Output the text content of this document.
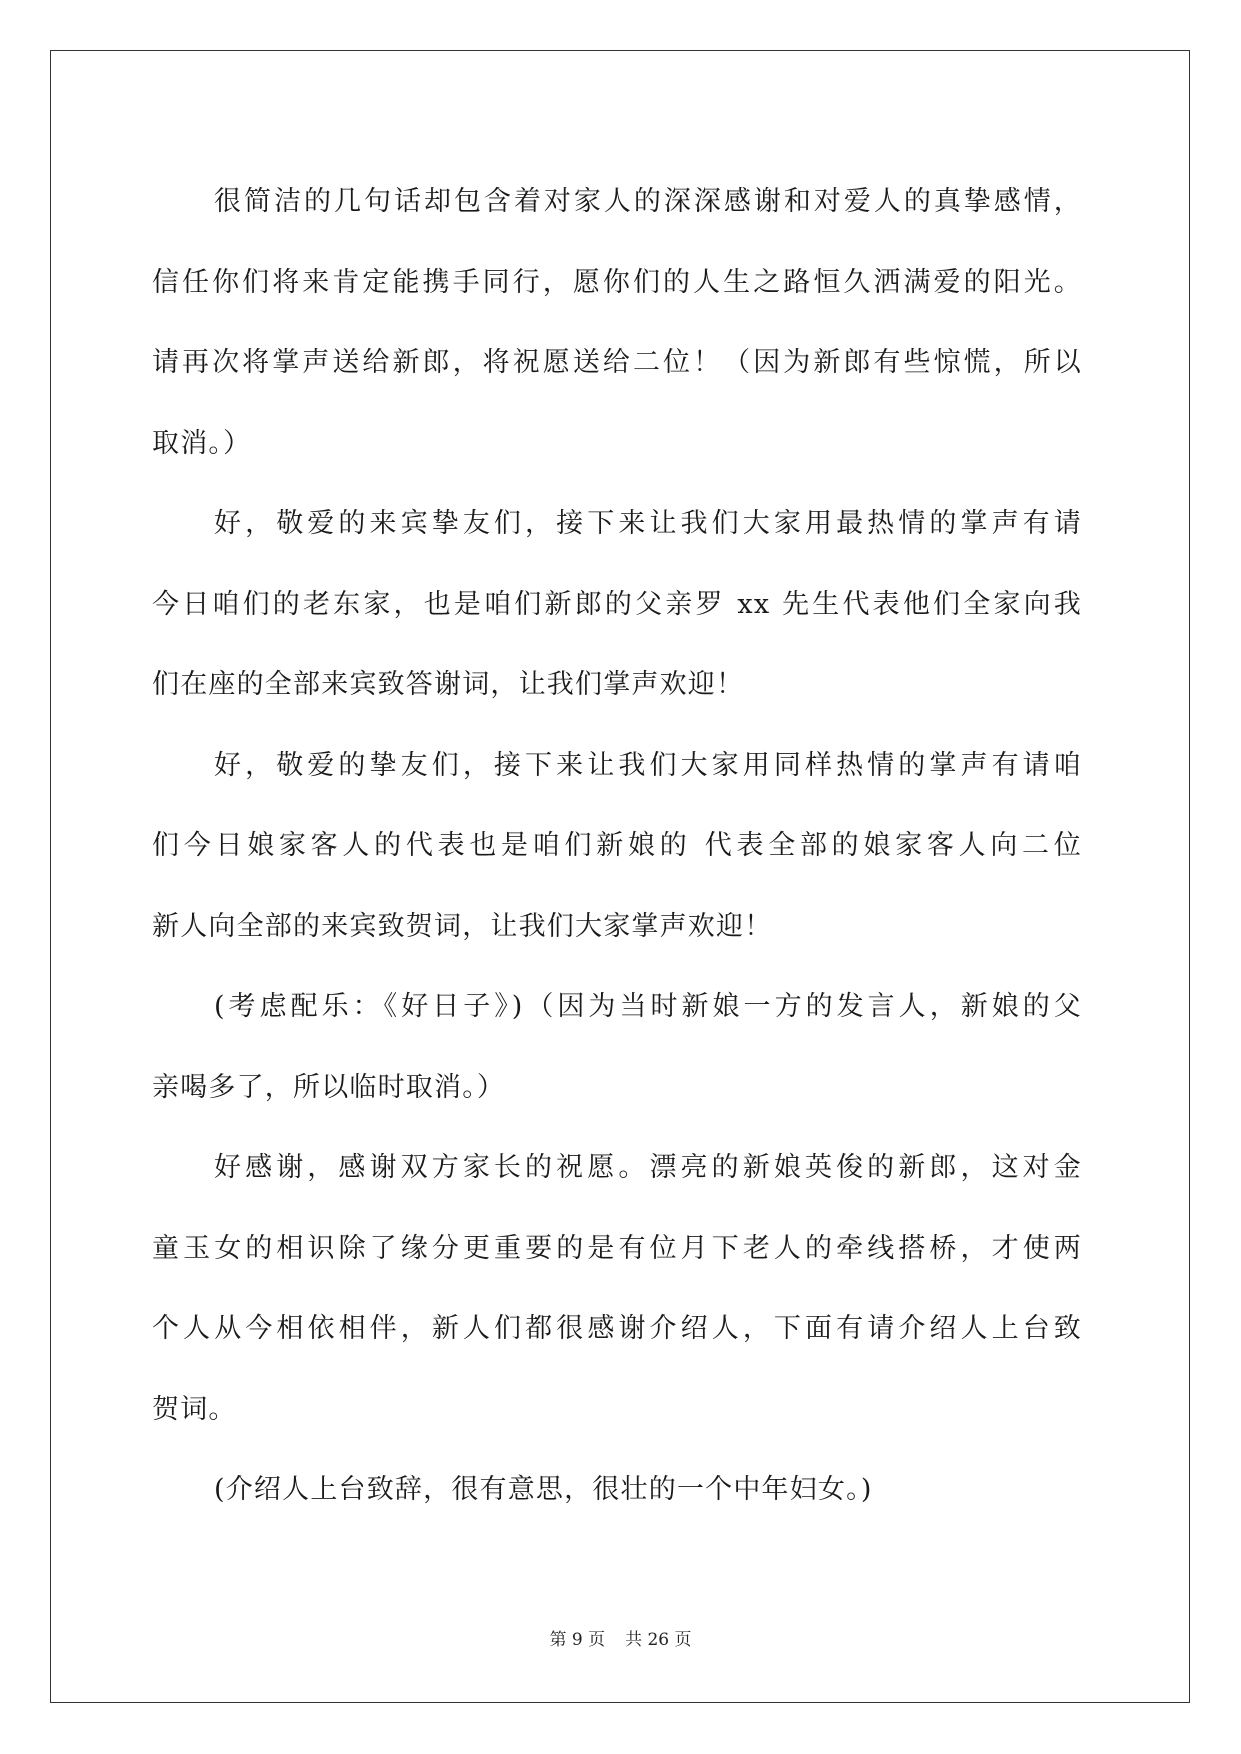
很简洁的几句话却包含着对家人的深深感谢和对爱人的真挚感情，
信任你们将来肯定能携手同行，愿你们的人生之路恒久洒满爱的阳光。
请再次将掌声送给新郎，将祝愿送给二位！（因为新郎有些惊慌，所以
取消。）
好，敬爱的来宾挚友们，接下来让我们大家用最热情的掌声有请
今日咱们的老东家，也是咱们新郎的父亲罗 xx 先生代表他们全家向我
们在座的全部来宾致答谢词，让我们掌声欢迎！
好，敬爱的挚友们，接下来让我们大家用同样热情的掌声有请咱
们今日娘家客人的代表也是咱们新娘的 代表全部的娘家客人向二位
新人向全部的来宾致贺词，让我们大家掌声欢迎！
(考虑配乐：《好日子》)（因为当时新娘一方的发言人，新娘的父
亲喝多了，所以临时取消。）
好感谢，感谢双方家长的祝愿。漂亮的新娘英俊的新郎，这对金
童玉女的相识除了缘分更重要的是有位月下老人的牵线搭桥，才使两
个人从今相依相伴，新人们都很感谢介绍人，下面有请介绍人上台致
贺词。
(介绍人上台致辞，很有意思，很壮的一个中年妇女。)
第 9 页 共 26 页
